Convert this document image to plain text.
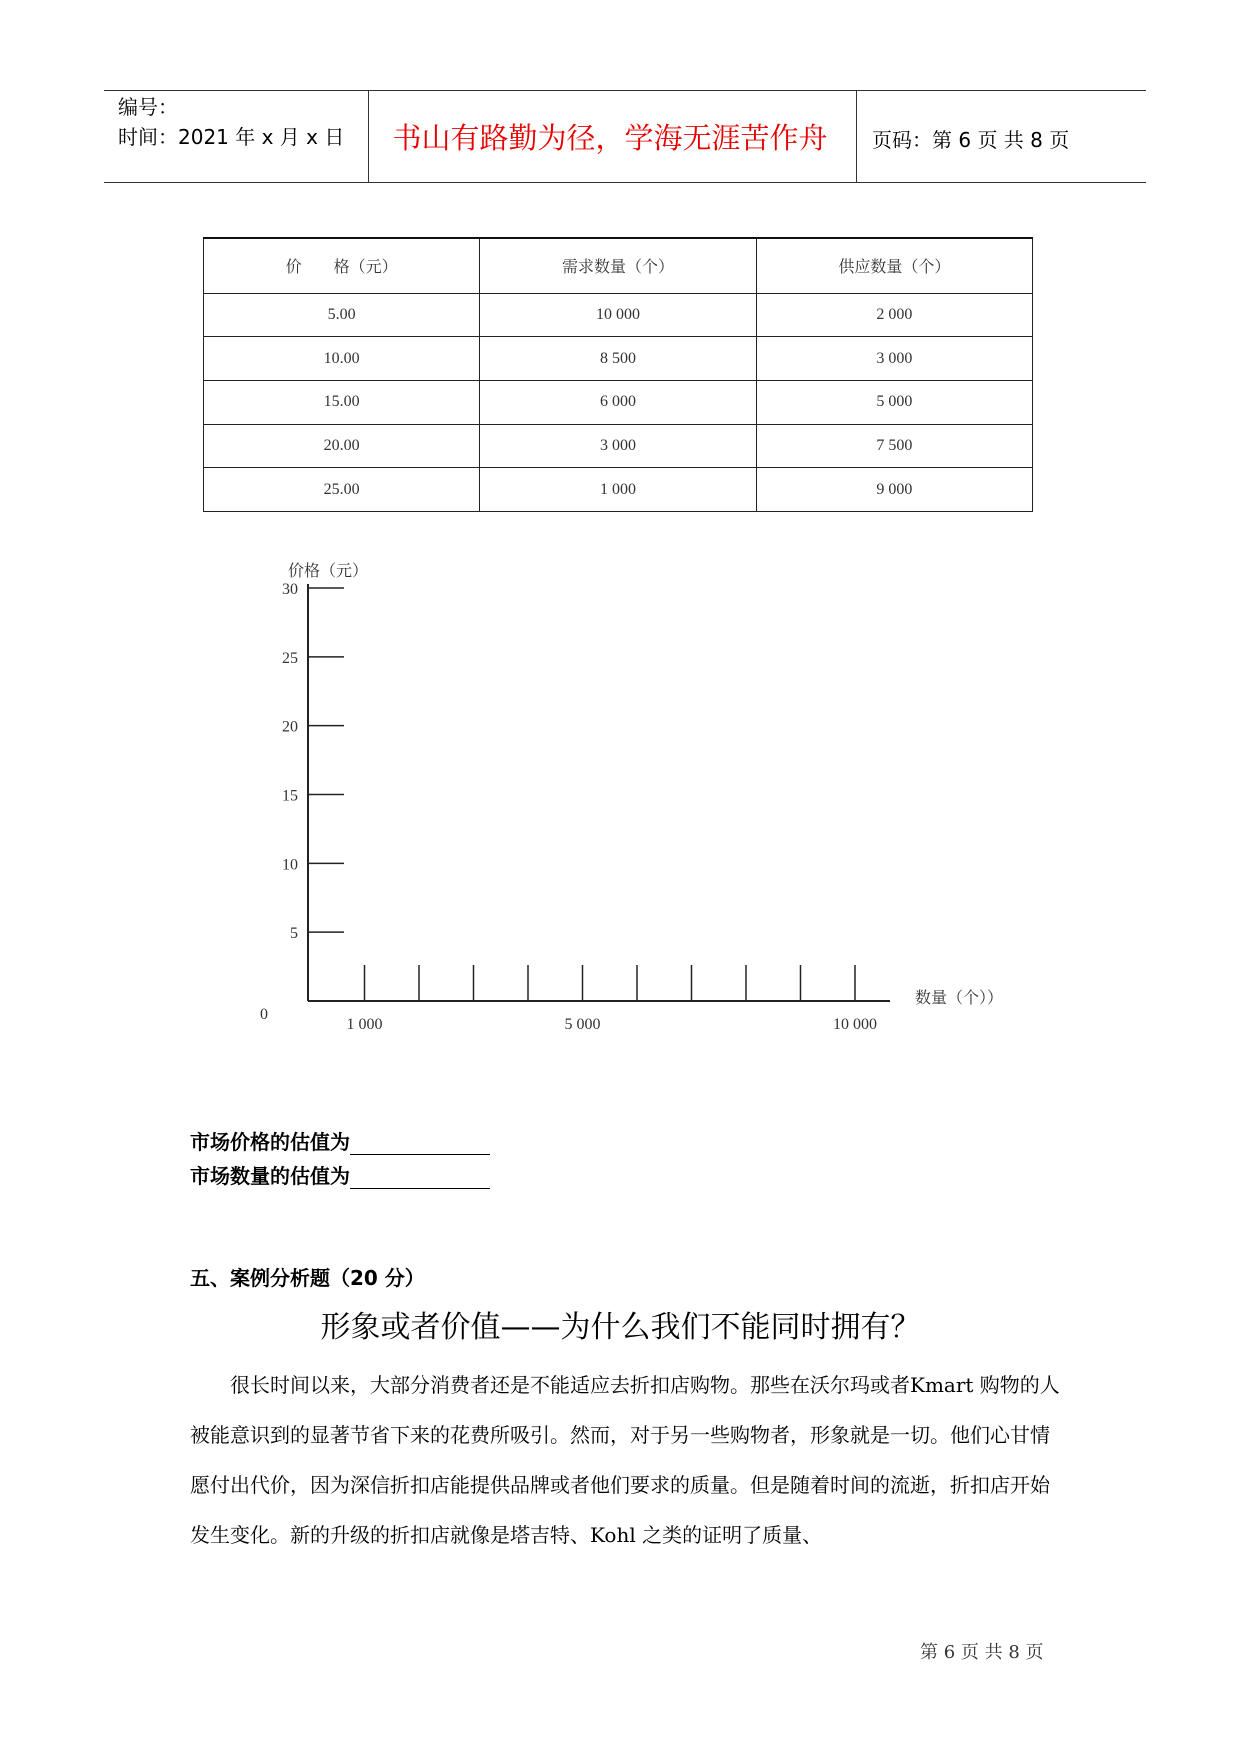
编号：
时间：2021 年 x 月 x 日	书山有路勤为径，学海无涯苦作舟	页码：第 6 页 共 8 页
价　　格（元）	需求数量（个）	供应数量（个）
5.00	10 000	2 000
10.00	8 500	3 000
15.00	6 000	5 000
20.00	3 000	7 500
25.00	1 000	9 000
价格（元）
0
数量（个））
5
10
15
20
25
30
1 000	5 000	10 000
市场价格的估值为
市场数量的估值为
五、案例分析题（20 分）
形象或者价值——为什么我们不能同时拥有？
很长时间以来，大部分消费者还是不能适应去折扣店购物。那些在沃尔玛或者Kmart 购物的人被能意识到的显著节省下来的花费所吸引。然而，对于另一些购物者，形象就是一切。他们心甘情愿付出代价，因为深信折扣店能提供品牌或者他们要求的质量。但是随着时间的流逝，折扣店开始发生变化。新的升级的折扣店就像是塔吉特、Kohl 之类的证明了质量、
第 6 页 共 8 页
